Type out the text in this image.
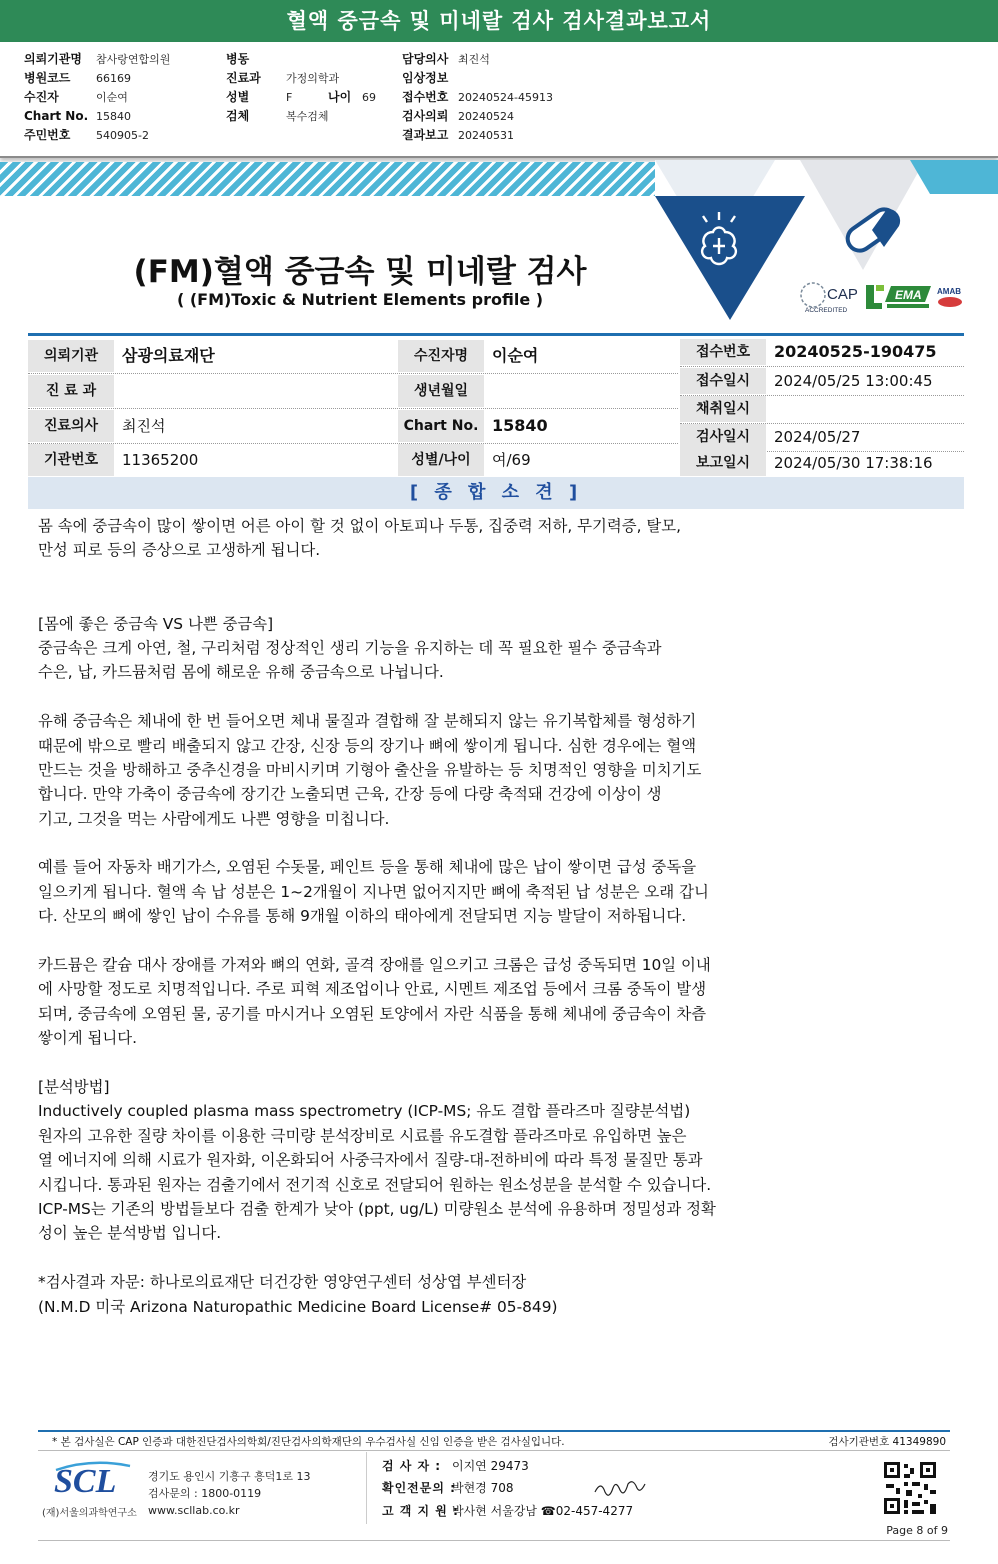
혈액 중금속 및 미네랄 검사 검사결과보고서
의뢰기관명 참사랑연합의원
병원코드 66169
수진자	이순여
Chart No. 15840
주민번호 540905-2
병동
진료과 가정의학과
성별	F	나이 69
검체	복수검체
담당의사 최진석
임상정보
접수번호 20240524-45913
검사의뢰 20240524
결과보고 20240531
CAP
ACCREDITED
EMA AMAB
(FM)혈액 중금속 및 미네랄 검사
( (FM)Toxic & Nutrient Elements profile )
의뢰기관	삼광의료재단	수진자명	이순여
진 료 과	생년월일
진료의사	최진석	Chart No. 15840
기관번호	11365200	성별/나이	여/69
접수번호	20240525-190475
접수일시	2024/05/25 13:00:45
채취일시
검사일시	2024/05/27
보고일시	2024/05/30 17:38:16
[ 종 합 소 견 ]
몸 속에 중금속이 많이 쌓이면 어른 아이 할 것 없이 아토피나 두통, 집중력 저하, 무기력증, 탈모,
만성 피로 등의 증상으로 고생하게 됩니다.
[몸에 좋은 중금속 VS 나쁜 중금속]
중금속은 크게 아연, 철, 구리처럼 정상적인 생리 기능을 유지하는 데 꼭 필요한 필수 중금속과
수은, 납, 카드뮴처럼 몸에 해로운 유해 중금속으로 나뉩니다.
유해 중금속은 체내에 한 번 들어오면 체내 물질과 결합해 잘 분해되지 않는 유기복합체를 형성하기
때문에 밖으로 빨리 배출되지 않고 간장, 신장 등의 장기나 뼈에 쌓이게 됩니다. 심한 경우에는 혈액
만드는 것을 방해하고 중추신경을 마비시키며 기형아 출산을 유발하는 등 치명적인 영향을 미치기도
합니다. 만약 가축이 중금속에 장기간 노출되면 근육, 간장 등에 다량 축적돼 건강에 이상이 생
기고, 그것을 먹는 사람에게도 나쁜 영향을 미칩니다.
예를 들어 자동차 배기가스, 오염된 수돗물, 페인트 등을 통해 체내에 많은 납이 쌓이면 급성 중독을
일으키게 됩니다. 혈액 속 납 성분은 1~2개월이 지나면 없어지지만 뼈에 축적된 납 성분은 오래 갑니
다. 산모의 뼈에 쌓인 납이 수유를 통해 9개월 이하의 태아에게 전달되면 지능 발달이 저하됩니다.
카드뮴은 칼슘 대사 장애를 가져와 뼈의 연화, 골격 장애를 일으키고 크롬은 급성 중독되면 10일 이내
에 사망할 정도로 치명적입니다. 주로 피혁 제조업이나 안료, 시멘트 제조업 등에서 크롬 중독이 발생
되며, 중금속에 오염된 물, 공기를 마시거나 오염된 토양에서 자란 식품을 통해 체내에 중금속이 차츰
쌓이게 됩니다.
[분석방법]
Inductively coupled plasma mass spectrometry (ICP-MS; 유도 결합 플라즈마 질량분석법)
원자의 고유한 질량 차이를 이용한 극미량 분석장비로 시료를 유도결합 플라즈마로 유입하면 높은
열 에너지에 의해 시료가 원자화, 이온화되어 사중극자에서 질량-대-전하비에 따라 특정 물질만 통과
시킵니다. 통과된 원자는 검출기에서 전기적 신호로 전달되어 원하는 원소성분을 분석할 수 있습니다.
ICP-MS는 기존의 방법들보다 검출 한계가 낮아 (ppt, ug/L) 미량원소 분석에 유용하며 정밀성과 정확
성이 높은 분석방법 입니다.
*검사결과 자문: 하나로의료재단 더건강한 영양연구센터 성상엽 부센터장
(N.M.D 미국 Arizona Naturopathic Medicine Board License# 05-849)
* 본 검사실은 CAP 인증과 대한진단검사의학회/진단검사의학재단의 우수검사실 신임 인증을 받은 검사실입니다.	검사기관번호 41349890
SCL
(재)서울의과학연구소
경기도 용인시 기흥구 흥덕1로 13
검사문의 : 1800-0119
www.scllab.co.kr
검 사 자 : 이지연 29473
확인전문의 :박현경 708
고 객 지 원 :박사현 서울강남 ☎02-457-4277
Page 8 of 9
